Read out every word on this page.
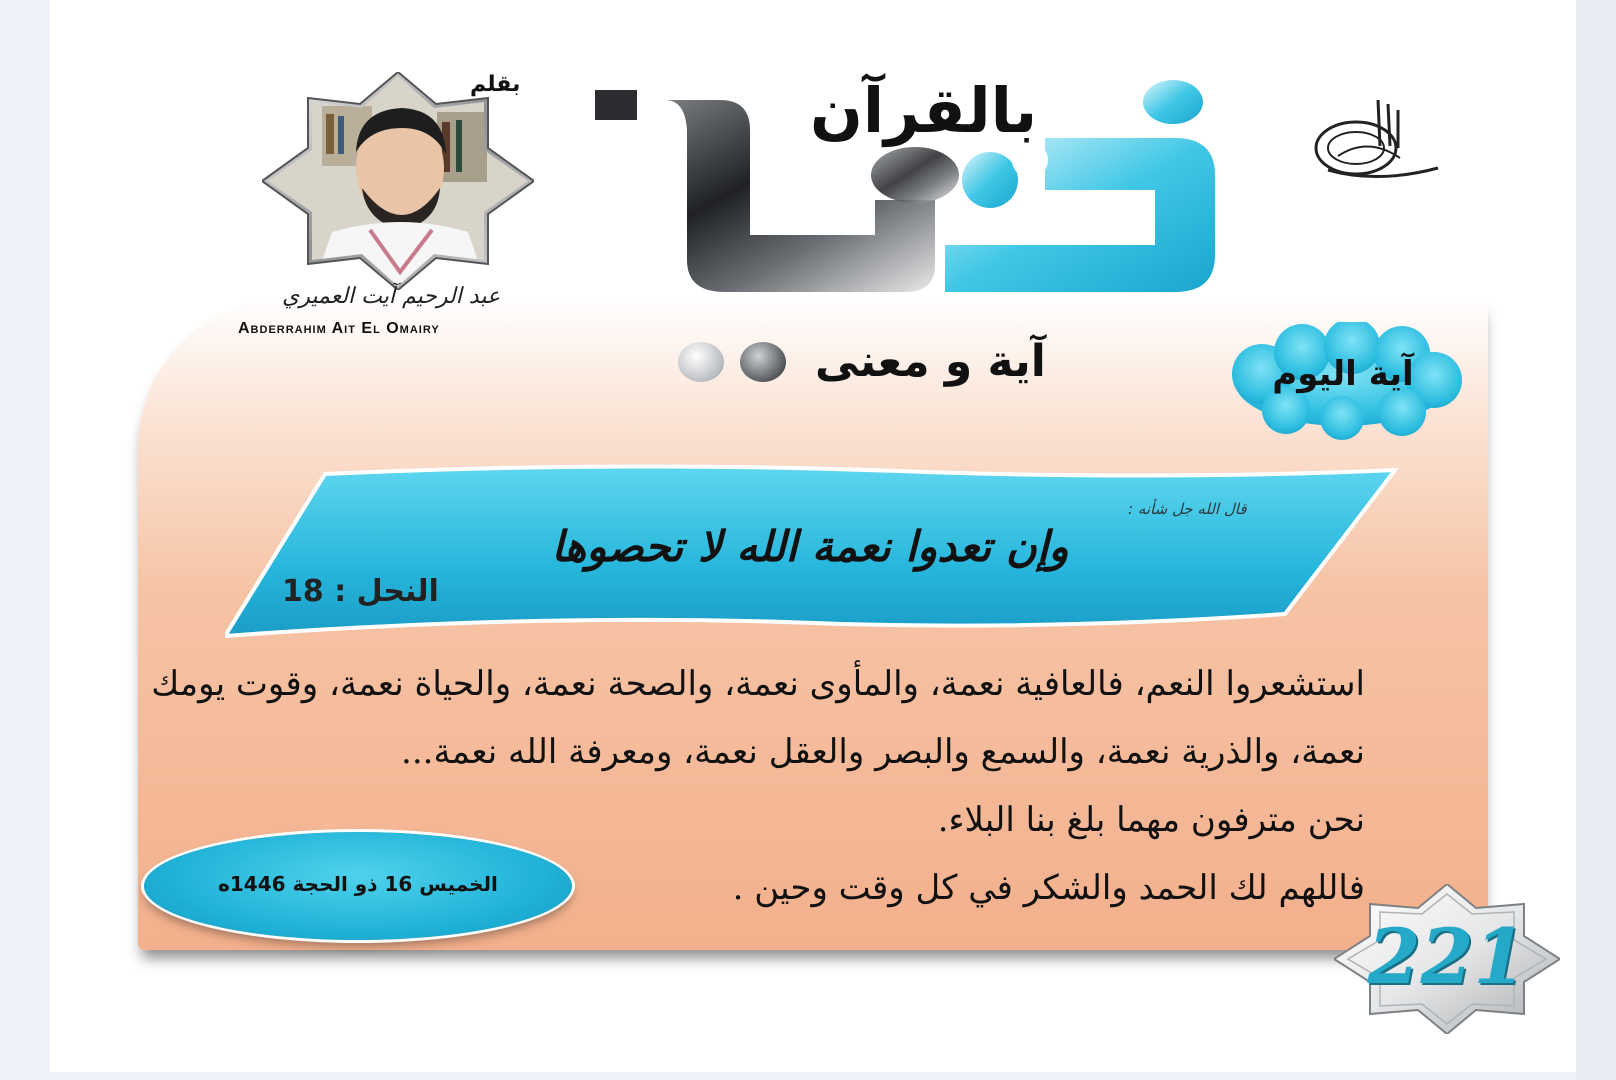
بالقرآن
آية و معنى
بقلم
عبد الرحيم آيت العميري
Abderrahim Ait El Omairy
آية اليوم
قال الله جل شأنه :
وإن تعدوا نعمة الله لا تحصوها
النحل : 18

استشعروا النعم، فالعافية نعمة، والمأوى نعمة، والصحة نعمة، والحياة نعمة، وقوت يومك نعمة، والذرية نعمة، والسمع والبصر والعقل نعمة، ومعرفة الله نعمة...

نحن مترفون مهما بلغ بنا البلاء.

فاللهم لك الحمد والشكر في كل وقت وحين .

الخميس 16 ذو الحجة 1446ه
221
